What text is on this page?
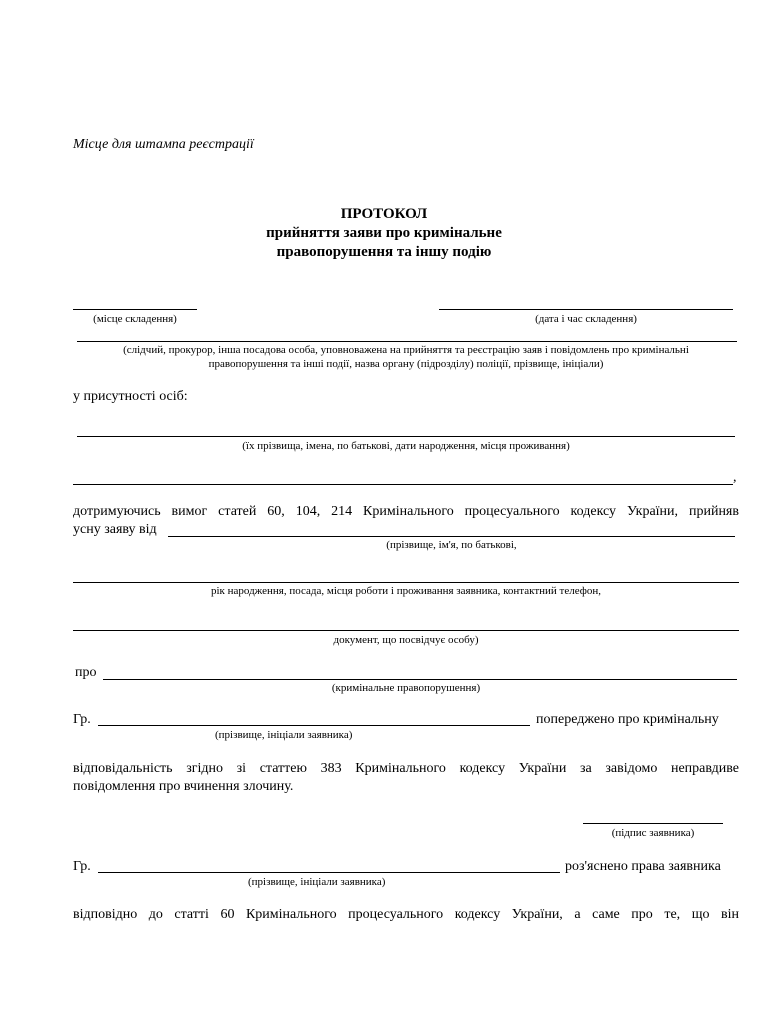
Місце для штампа реєстрації
ПРОТОКОЛ
прийняття заяви про кримінальне
правопорушення та іншу подію
(місце складення)	(дата і час складення)
(слідчий, прокурор, інша посадова особа, уповноважена на прийняття та реєстрацію заяв і повідомлень про кримінальні
правопорушення та інші події, назва органу (підрозділу) поліції, прізвище, ініціали)
у присутності осіб:
(їх прізвища, імена, по батькові, дати народження, місця проживання)
,
дотримуючись вимог статей 60, 104, 214 Кримінального процесуального кодексу України, прийняв
усну заяву від
(прізвище, ім'я, по батькові,
рік народження, посада, місця роботи і проживання заявника, контактний телефон,
документ, що посвідчує особу)
про
(кримінальне правопорушення)
Гр.	попереджено про кримінальну
(прізвище, ініціали заявника)
відповідальність згідно зі статтею 383 Кримінального кодексу України за завідомо неправдиве
повідомлення про вчинення злочину.
(підпис заявника)
Гр.	роз'яснено права заявника
(прізвище, ініціали заявника)
відповідно до статті 60 Кримінального процесуального кодексу України, а саме про те, що він
